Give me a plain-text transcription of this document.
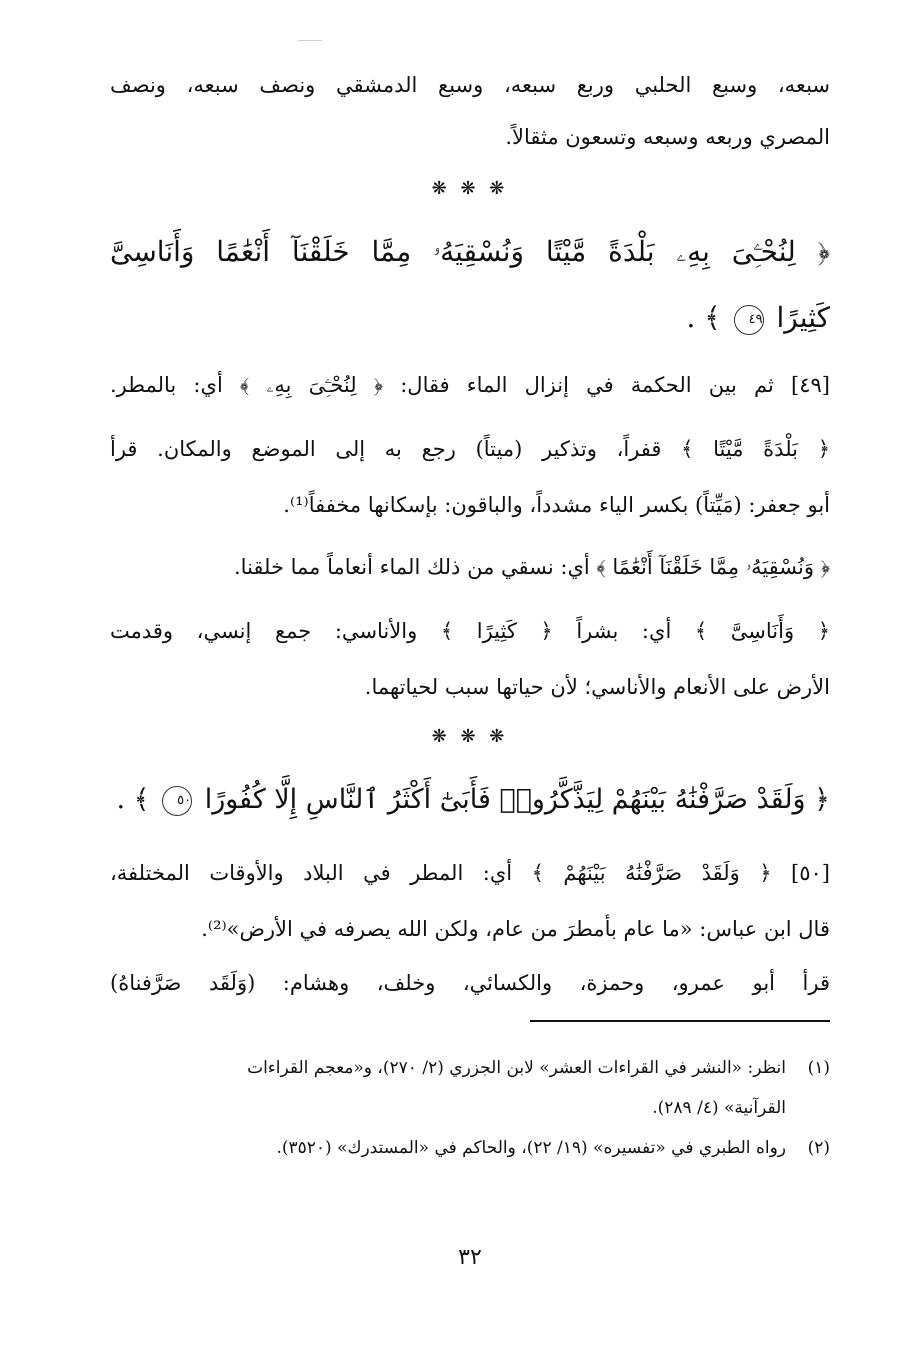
سبعه، وسبع الحلبي وربع سبعه، وسبع الدمشقي ونصف سبعه، ونصف
المصري وربعه وسبعه وتسعون مثقالاً.
❋ ❋ ❋
﴿ لِنُحْـِۧىَ بِهِۦ بَلْدَةً مَّيْتًا وَنُسْقِيَهُۥ مِمَّا خَلَقْنَآ أَنْعَٰمًا وَأَنَاسِىَّ
كَثِيرًا ٤٩ ﴾ .
[٤٩] ثم بين الحكمة في إنزال الماء فقال: ﴿ لِنُحْـِۧىَ بِهِۦ ﴾ أي: بالمطر.
﴿ بَلْدَةً مَّيْتًا ﴾ قفراً، وتذكير (ميتاً) رجع به إلى الموضع والمكان. قرأ
أبو جعفر: (مَيِّتاً) بكسر الياء مشدداً، والباقون: بإسكانها مخففاً⁽¹⁾.
﴿ وَنُسْقِيَهُۥ مِمَّا خَلَقْنَآ أَنْعَٰمًا ﴾ أي: نسقي من ذلك الماء أنعاماً مما خلقنا.
﴿ وَأَنَاسِىَّ ﴾ أي: بشراً ﴿ كَثِيرًا ﴾ والأناسي: جمع إنسي، وقدمت
الأرض على الأنعام والأناسي؛ لأن حياتها سبب لحياتهما.
❋ ❋ ❋
﴿ وَلَقَدْ صَرَّفْنَٰهُ بَيْنَهُمْ لِيَذَّكَّرُوا۟ فَأَبَىٰٓ أَكْثَرُ ٱلنَّاسِ إِلَّا كُفُورًا ٥٠ ﴾ .
[٥٠] ﴿ وَلَقَدْ صَرَّفْنَٰهُ بَيْنَهُمْ ﴾ أي: المطر في البلاد والأوقات المختلفة،
قال ابن عباس: «ما عام بأمطرَ من عام، ولكن الله يصرفه في الأرض»⁽²⁾.
قرأ أبو عمرو، وحمزة، والكسائي، وخلف، وهشام: (وَلَقَد صَرَّفناهُ)
(١)انظر: «النشر في القراءات العشر» لابن الجزري (٢/ ٢٧٠)، و«معجم القراءات
القرآنية» (٤/ ٢٨٩).
(٢)رواه الطبري في «تفسيره» (١٩/ ٢٢)، والحاكم في «المستدرك» (٣٥٢٠).
٣٢
